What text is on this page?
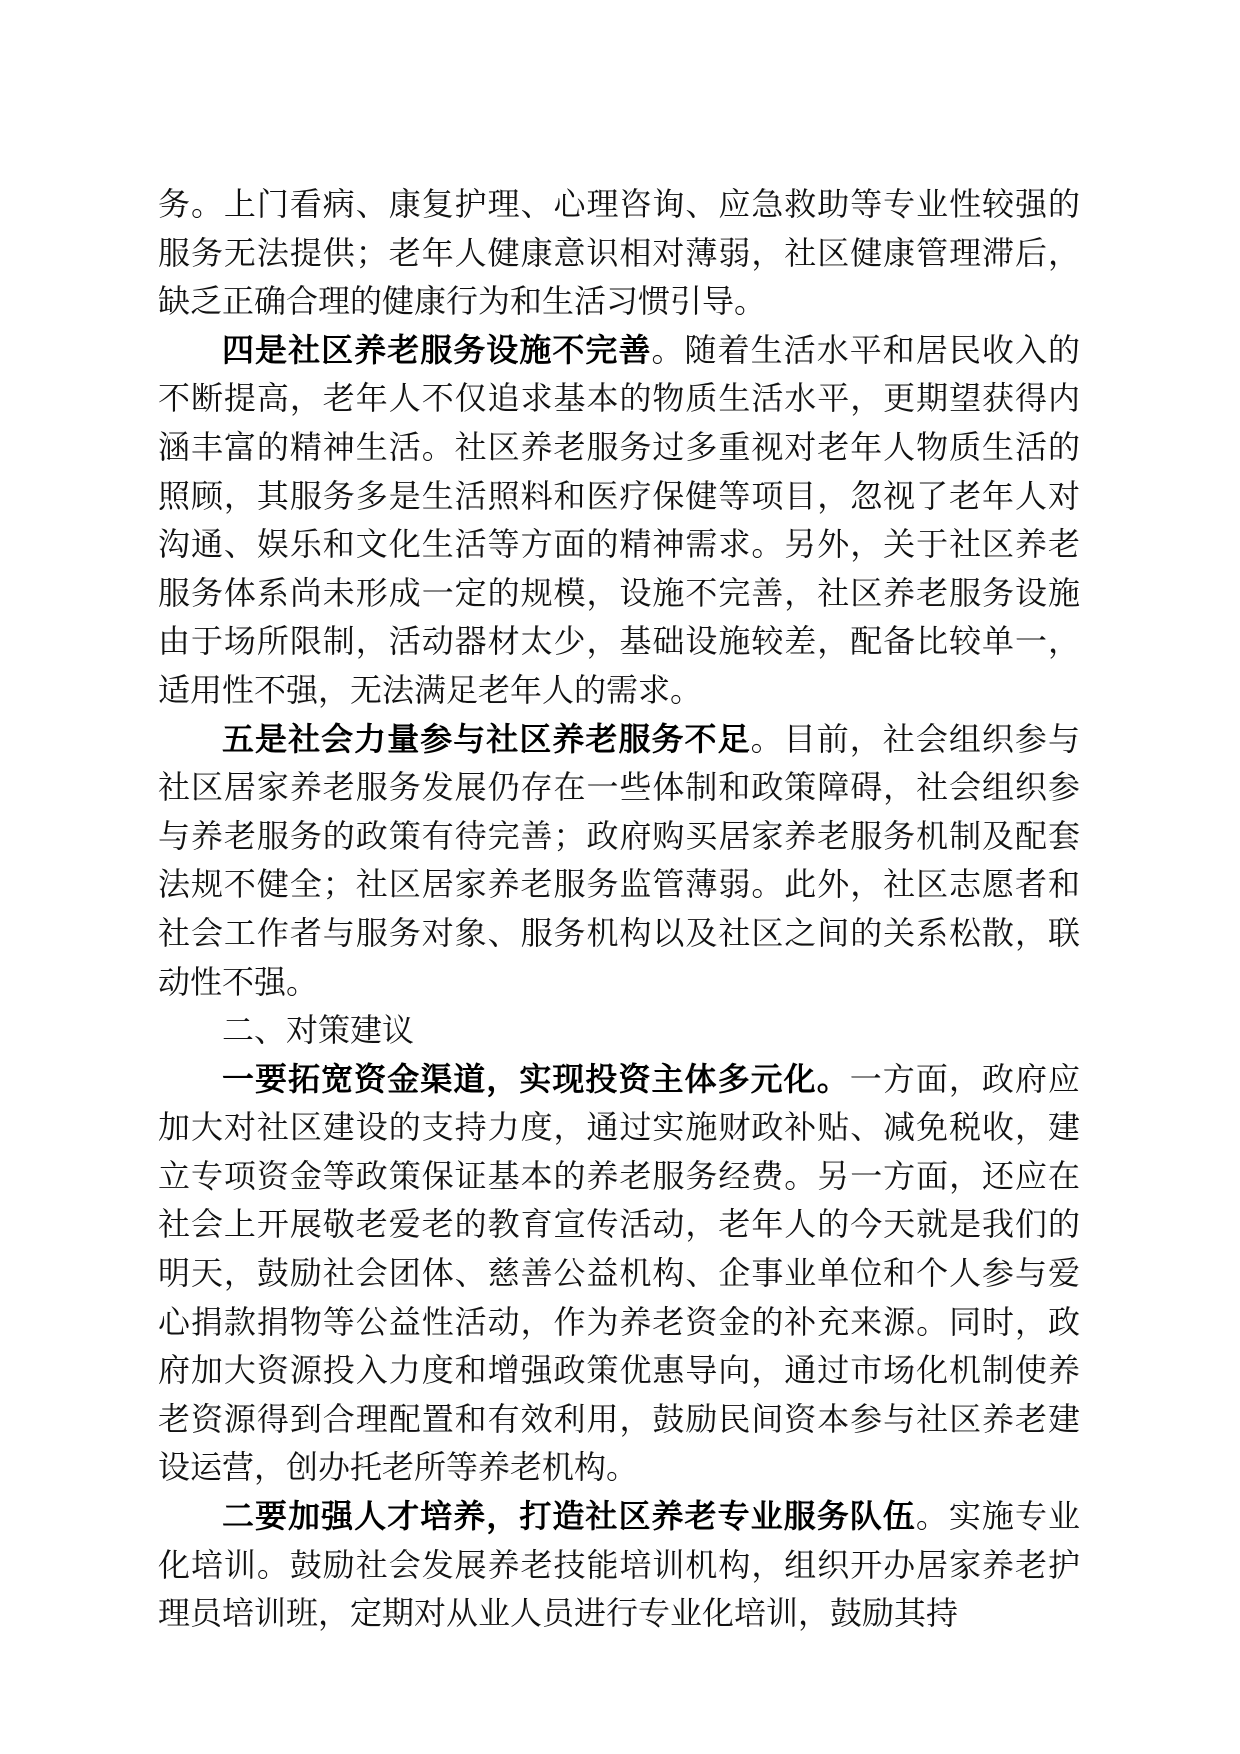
务。上门看病、康复护理、心理咨询、应急救助等专业性较强的服务无法提供；老年人健康意识相对薄弱，社区健康管理滞后，缺乏正确合理的健康行为和生活习惯引导。

四是社区养老服务设施不完善。随着生活水平和居民收入的不断提高，老年人不仅追求基本的物质生活水平，更期望获得内涵丰富的精神生活。社区养老服务过多重视对老年人物质生活的照顾，其服务多是生活照料和医疗保健等项目，忽视了老年人对沟通、娱乐和文化生活等方面的精神需求。另外，关于社区养老服务体系尚未形成一定的规模，设施不完善，社区养老服务设施由于场所限制，活动器材太少，基础设施较差，配备比较单一，适用性不强，无法满足老年人的需求。

五是社会力量参与社区养老服务不足。目前，社会组织参与社区居家养老服务发展仍存在一些体制和政策障碍，社会组织参与养老服务的政策有待完善；政府购买居家养老服务机制及配套法规不健全；社区居家养老服务监管薄弱。此外，社区志愿者和社会工作者与服务对象、服务机构以及社区之间的关系松散，联动性不强。

二、对策建议

一要拓宽资金渠道，实现投资主体多元化。一方面，政府应加大对社区建设的支持力度，通过实施财政补贴、减免税收，建立专项资金等政策保证基本的养老服务经费。另一方面，还应在社会上开展敬老爱老的教育宣传活动，老年人的今天就是我们的明天，鼓励社会团体、慈善公益机构、企事业单位和个人参与爱心捐款捐物等公益性活动，作为养老资金的补充来源。同时，政府加大资源投入力度和增强政策优惠导向，通过市场化机制使养老资源得到合理配置和有效利用，鼓励民间资本参与社区养老建设运营，创办托老所等养老机构。

二要加强人才培养，打造社区养老专业服务队伍。实施专业化培训。鼓励社会发展养老技能培训机构，组织开办居家养老护理员培训班，定期对从业人员进行专业化培训，鼓励其持
